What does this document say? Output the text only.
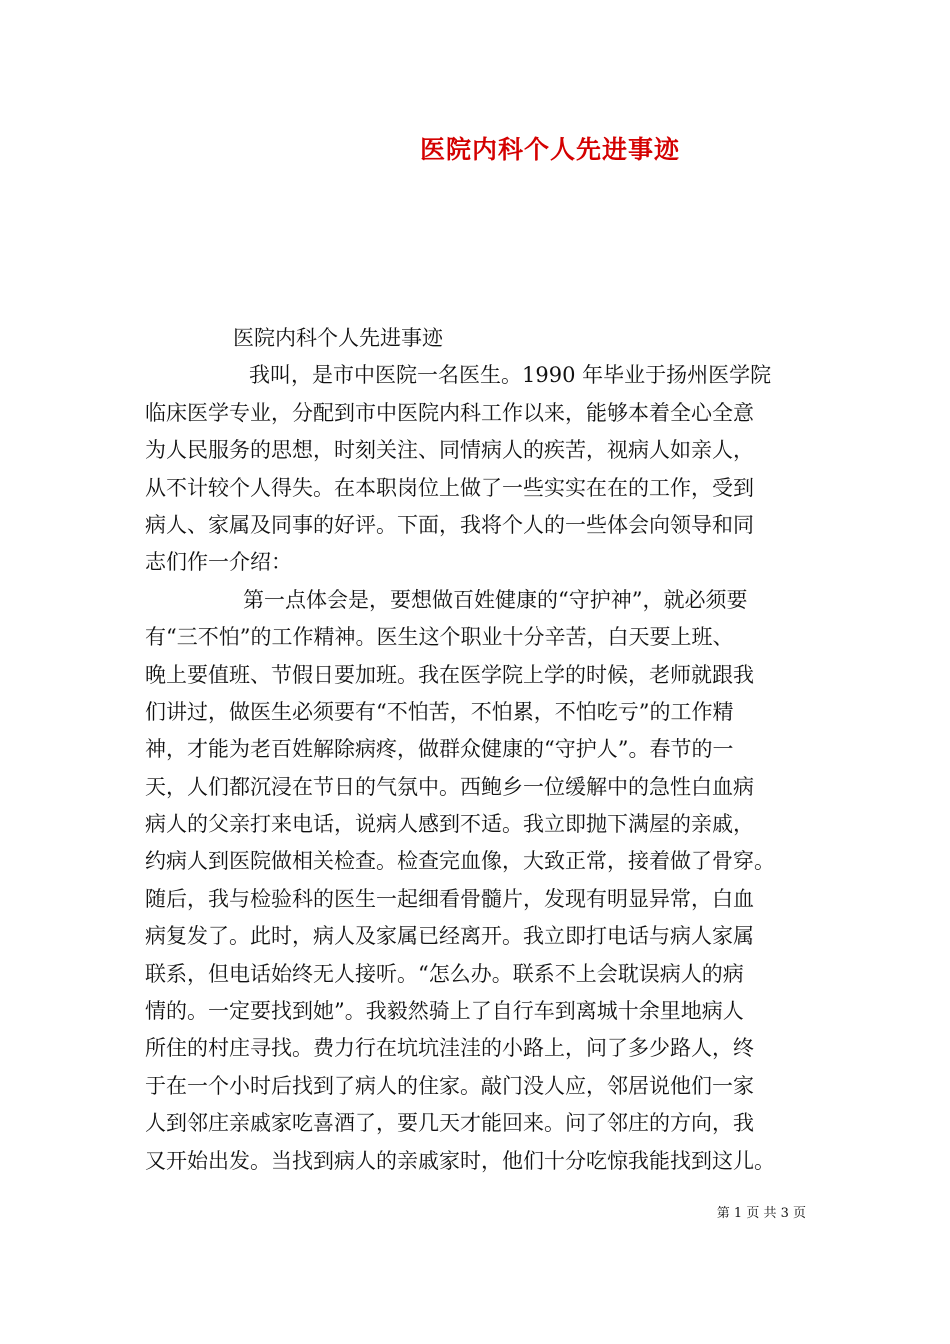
医院内科个人先进事迹
医院内科个人先进事迹
我叫，是市中医院一名医生。1990 年毕业于扬州医学院
临床医学专业，分配到市中医院内科工作以来，能够本着全心全意
为人民服务的思想，时刻关注、同情病人的疾苦，视病人如亲人，
从不计较个人得失。在本职岗位上做了一些实实在在的工作，受到
病人、家属及同事的好评。下面，我将个人的一些体会向领导和同
志们作一介绍：
第一点体会是，要想做百姓健康的“守护神”，就必须要
有“三不怕”的工作精神。医生这个职业十分辛苦，白天要上班、
晚上要值班、节假日要加班。我在医学院上学的时候，老师就跟我
们讲过，做医生必须要有“不怕苦，不怕累，不怕吃亏”的工作精
神，才能为老百姓解除病疼，做群众健康的“守护人”。春节的一
天，人们都沉浸在节日的气氛中。西鲍乡一位缓解中的急性白血病
病人的父亲打来电话，说病人感到不适。我立即抛下满屋的亲戚，
约病人到医院做相关检查。检查完血像，大致正常，接着做了骨穿。
随后，我与检验科的医生一起细看骨髓片，发现有明显异常，白血
病复发了。此时，病人及家属已经离开。我立即打电话与病人家属
联系，但电话始终无人接听。“怎么办。联系不上会耽误病人的病
情的。一定要找到她”。我毅然骑上了自行车到离城十余里地病人
所住的村庄寻找。费力行在坑坑洼洼的小路上，问了多少路人，终
于在一个小时后找到了病人的住家。敲门没人应，邻居说他们一家
人到邻庄亲戚家吃喜酒了，要几天才能回来。问了邻庄的方向，我
又开始出发。当找到病人的亲戚家时，他们十分吃惊我能找到这儿。
第 1 页 共 3 页
